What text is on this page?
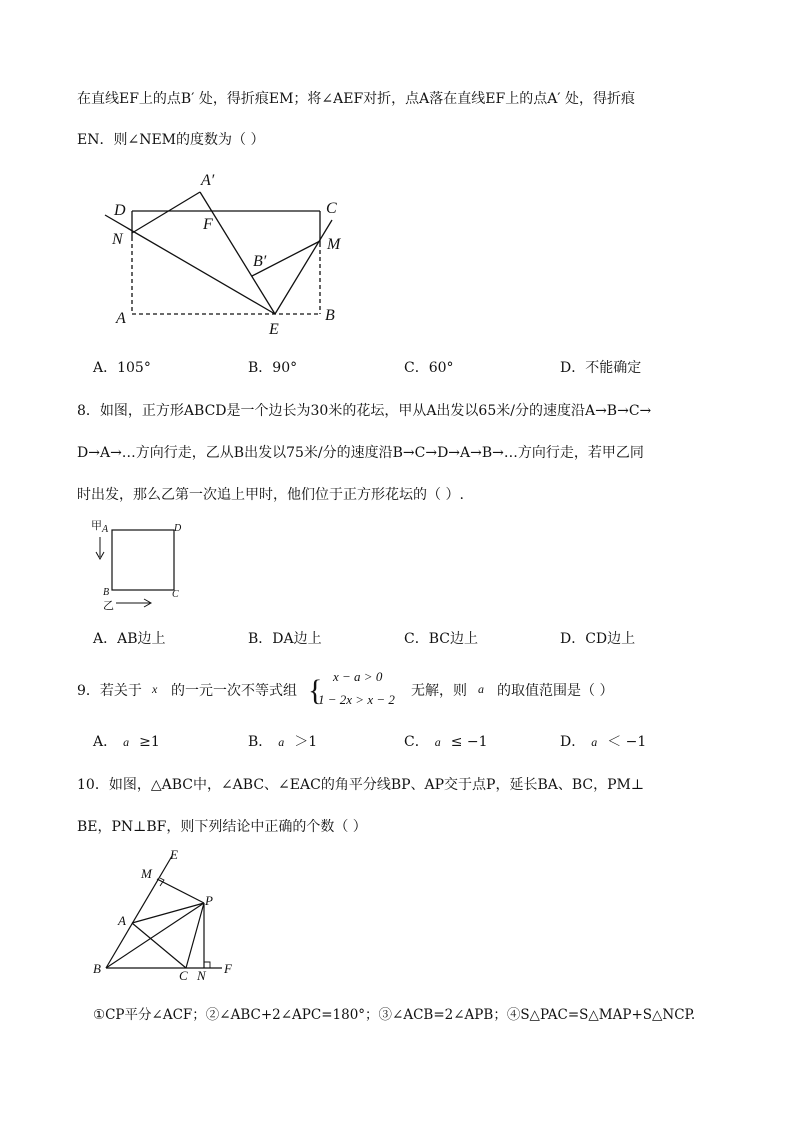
在直线EF上的点B′ 处，得折痕EM；将∠AEF对折，点A落在直线EF上的点A′ 处，得折痕
EN．则∠NEM的度数为（ ）
A′
D	C
F
N	M
B′
A
E
B
A．105°	B．90°	C．60°	D．不能确定
8．如图，正方形ABCD是一个边长为30米的花坛，甲从A出发以65米/分的速度沿A→B→C→
D→A→…方向行走，乙从B出发以75米/分的速度沿B→C→D→A→B→…方向行走，若甲乙同
时出发，那么乙第一次追上甲时，他们位于正方形花坛的（ ）.
甲 A	D
B	C
乙
A．AB边上	B．DA边上	C．BC边上	D．CD边上
9．若关于 x 的一元一次不等式组 { x − a > 0
1 − 2x > x − 2
无解，则 a 的取值范围是（ ）
A． a ≥1	B． a ＞1	C． a ≤ −1	D． a ＜ −1
10．如图，△ABC中，∠ABC、∠EAC的角平分线BP、AP交于点P，延长BA、BC，PM⊥
BE，PN⊥BF，则下列结论中正确的个数（ ）
E
M
P
A
B	C N F
①CP平分∠ACF；②∠ABC+2∠APC=180°；③∠ACB=2∠APB；④S△PAC=S△MAP+S△NCP.
